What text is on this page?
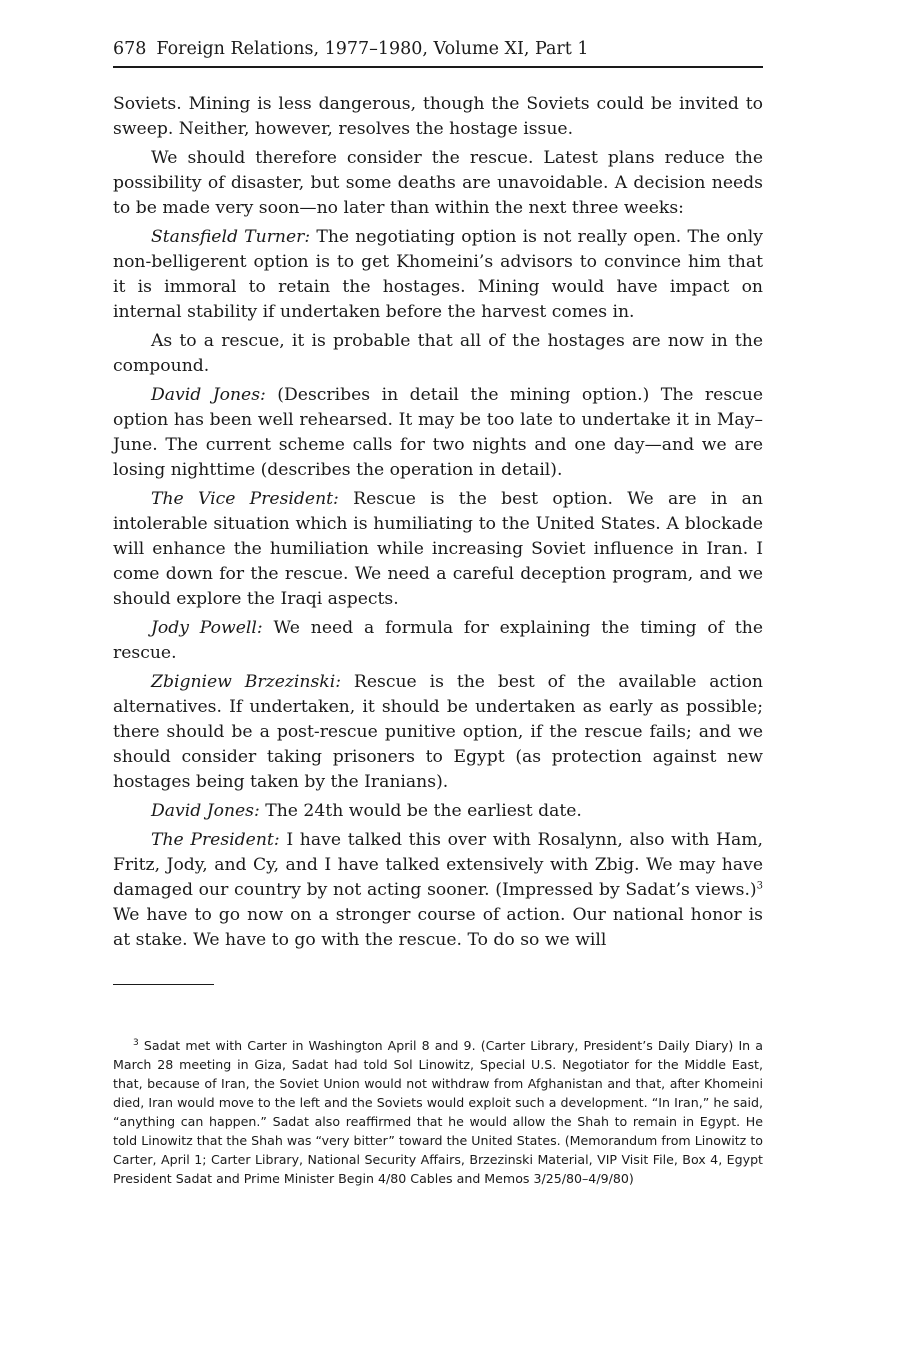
678 Foreign Relations, 1977–1980, Volume XI, Part 1

Soviets. Mining is less dangerous, though the Soviets could be invited to sweep. Neither, however, resolves the hostage issue.

We should therefore consider the rescue. Latest plans reduce the possibility of disaster, but some deaths are unavoidable. A decision needs to be made very soon—no later than within the next three weeks:

Stansfield Turner: The negotiating option is not really open. The only non-belligerent option is to get Khomeini’s advisors to convince him that it is immoral to retain the hostages. Mining would have impact on internal stability if undertaken before the harvest comes in.

As to a rescue, it is probable that all of the hostages are now in the compound.

David Jones: (Describes in detail the mining option.) The rescue option has been well rehearsed. It may be too late to undertake it in May–June. The current scheme calls for two nights and one day—and we are losing nighttime (describes the operation in detail).

The Vice President: Rescue is the best option. We are in an intolerable situation which is humiliating to the United States. A blockade will enhance the humiliation while increasing Soviet influence in Iran. I come down for the rescue. We need a careful deception program, and we should explore the Iraqi aspects.

Jody Powell: We need a formula for explaining the timing of the rescue.

Zbigniew Brzezinski: Rescue is the best of the available action alternatives. If undertaken, it should be undertaken as early as possible; there should be a post-rescue punitive option, if the rescue fails; and we should consider taking prisoners to Egypt (as protection against new hostages being taken by the Iranians).

David Jones: The 24th would be the earliest date.

The President: I have talked this over with Rosalynn, also with Ham, Fritz, Jody, and Cy, and I have talked extensively with Zbig. We may have damaged our country by not acting sooner. (Impressed by Sadat’s views.)$^3$ We have to go now on a stronger course of action. Our national honor is at stake. We have to go with the rescue. To do so we will

$^3$ Sadat met with Carter in Washington April 8 and 9. (Carter Library, President’s Daily Diary) In a March 28 meeting in Giza, Sadat had told Sol Linowitz, Special U.S. Negotiator for the Middle East, that, because of Iran, the Soviet Union would not withdraw from Afghanistan and that, after Khomeini died, Iran would move to the left and the Soviets would exploit such a development. “In Iran,” he said, “anything can happen.” Sadat also reaffirmed that he would allow the Shah to remain in Egypt. He told Linowitz that the Shah was “very bitter” toward the United States. (Memorandum from Linowitz to Carter, April 1; Carter Library, National Security Affairs, Brzezinski Material, VIP Visit File, Box 4, Egypt President Sadat and Prime Minister Begin 4/80 Cables and Memos 3/25/80–4/9/80)
